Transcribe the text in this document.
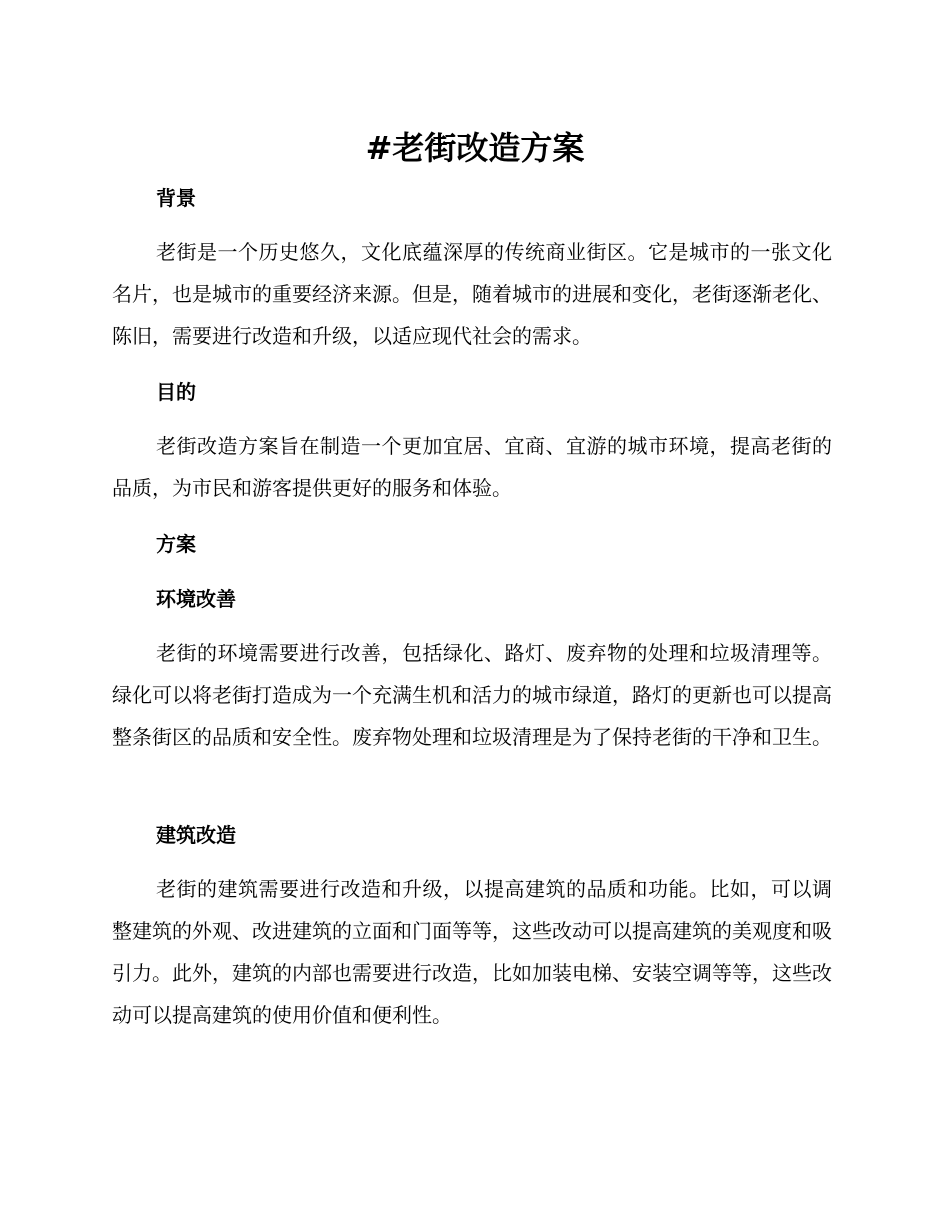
#老街改造方案
背景

老街是一个历史悠久，文化底蕴深厚的传统商业街区。它是城市的一张文化名片，也是城市的重要经济来源。但是，随着城市的进展和变化，老街逐渐老化、陈旧，需要进行改造和升级，以适应现代社会的需求。

目的

老街改造方案旨在制造一个更加宜居、宜商、宜游的城市环境，提高老街的品质，为市民和游客提供更好的服务和体验。

方案
环境改善

老街的环境需要进行改善，包括绿化、路灯、废弃物的处理和垃圾清理等。绿化可以将老街打造成为一个充满生机和活力的城市绿道，路灯的更新也可以提高整条街区的品质和安全性。废弃物处理和垃圾清理是为了保持老街的干净和卫生。

建筑改造

老街的建筑需要进行改造和升级，以提高建筑的品质和功能。比如，可以调整建筑的外观、改进建筑的立面和门面等等，这些改动可以提高建筑的美观度和吸引力。此外，建筑的内部也需要进行改造，比如加装电梯、安装空调等等，这些改动可以提高建筑的使用价值和便利性。
